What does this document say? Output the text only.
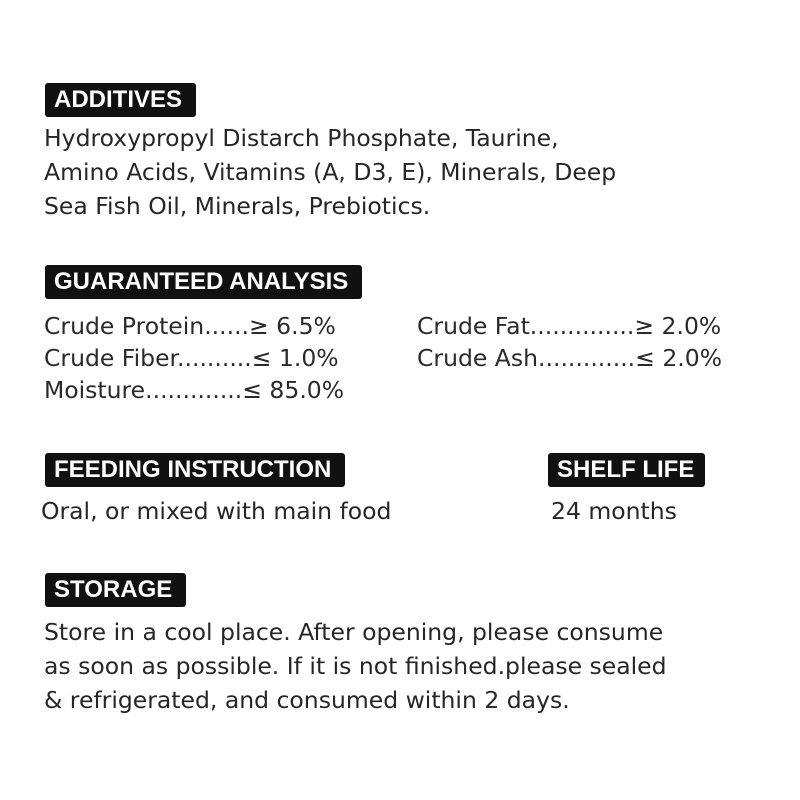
ADDITIVES
Hydroxypropyl Distarch Phosphate, Taurine,
Amino Acids, Vitamins (A, D3, E), Minerals, Deep
Sea Fish Oil, Minerals, Prebiotics.
GUARANTEED ANALYSIS
Crude Protein......≥ 6.5%	Crude Fat..............≥ 2.0%
Crude Fiber..........≤ 1.0%	Crude Ash.............≤ 2.0%
Moisture.............≤ 85.0%
FEEDING INSTRUCTION
Oral, or mixed with main food
SHELF LIFE
24 months
STORAGE
Store in a cool place. After opening, please consume
as soon as possible. If it is not finished.please sealed
& refrigerated, and consumed within 2 days.
